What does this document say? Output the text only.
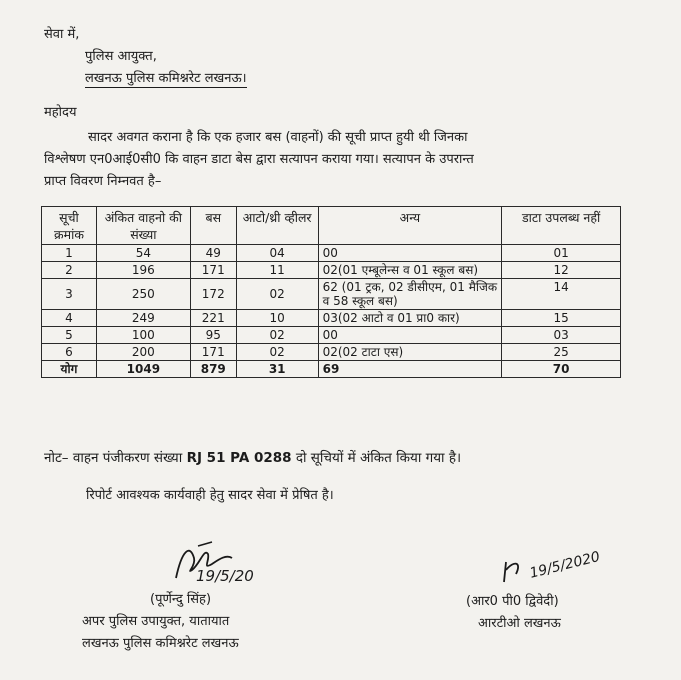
सेवा में,
पुलिस आयुक्त,
लखनऊ पुलिस कमिश्नरेट लखनऊ।
महोदय
सादर अवगत कराना है कि एक हजार बस (वाहनों) की सूची प्राप्त हुयी थी जिनका
विश्लेषण एन0आई0सी0 कि वाहन डाटा बेस द्वारा सत्यापन कराया गया। सत्यापन के उपरान्त
प्राप्त विवरण निम्नवत है–
सूची क्रमांक	अंकित वाहनो की संख्या	बस	आटो/थ्री व्हीलर	अन्य	डाटा उपलब्ध नहीं
1	54	49	04	00	01
2	196	171	11	02(01 एम्बूलेन्स व 01 स्कूल बस)	12
3	250	172	02	62 (01 ट्रक, 02 डीसीएम, 01 मैजिक व 58 स्कूल बस)	14
4	249	221	10	03(02 आटो व 01 प्रा0 कार)	15
5	100	95	02	00	03
6	200	171	02	02(02 टाटा एस)	25
योग	1049	879	31	69	70
नोट– वाहन पंजीकरण संख्या RJ 51 PA 0288 दो सूचियों में अंकित किया गया है।
रिपोर्ट आवश्यक कार्यवाही हेतु सादर सेवा में प्रेषित है।
19/5/20
(पूर्णेन्दु सिंह)
अपर पुलिस उपायुक्त, यातायात
लखनऊ पुलिस कमिश्नरेट लखनऊ
19/5/2020
(आर0 पी0 द्विवेदी)
आरटीओ लखनऊ
